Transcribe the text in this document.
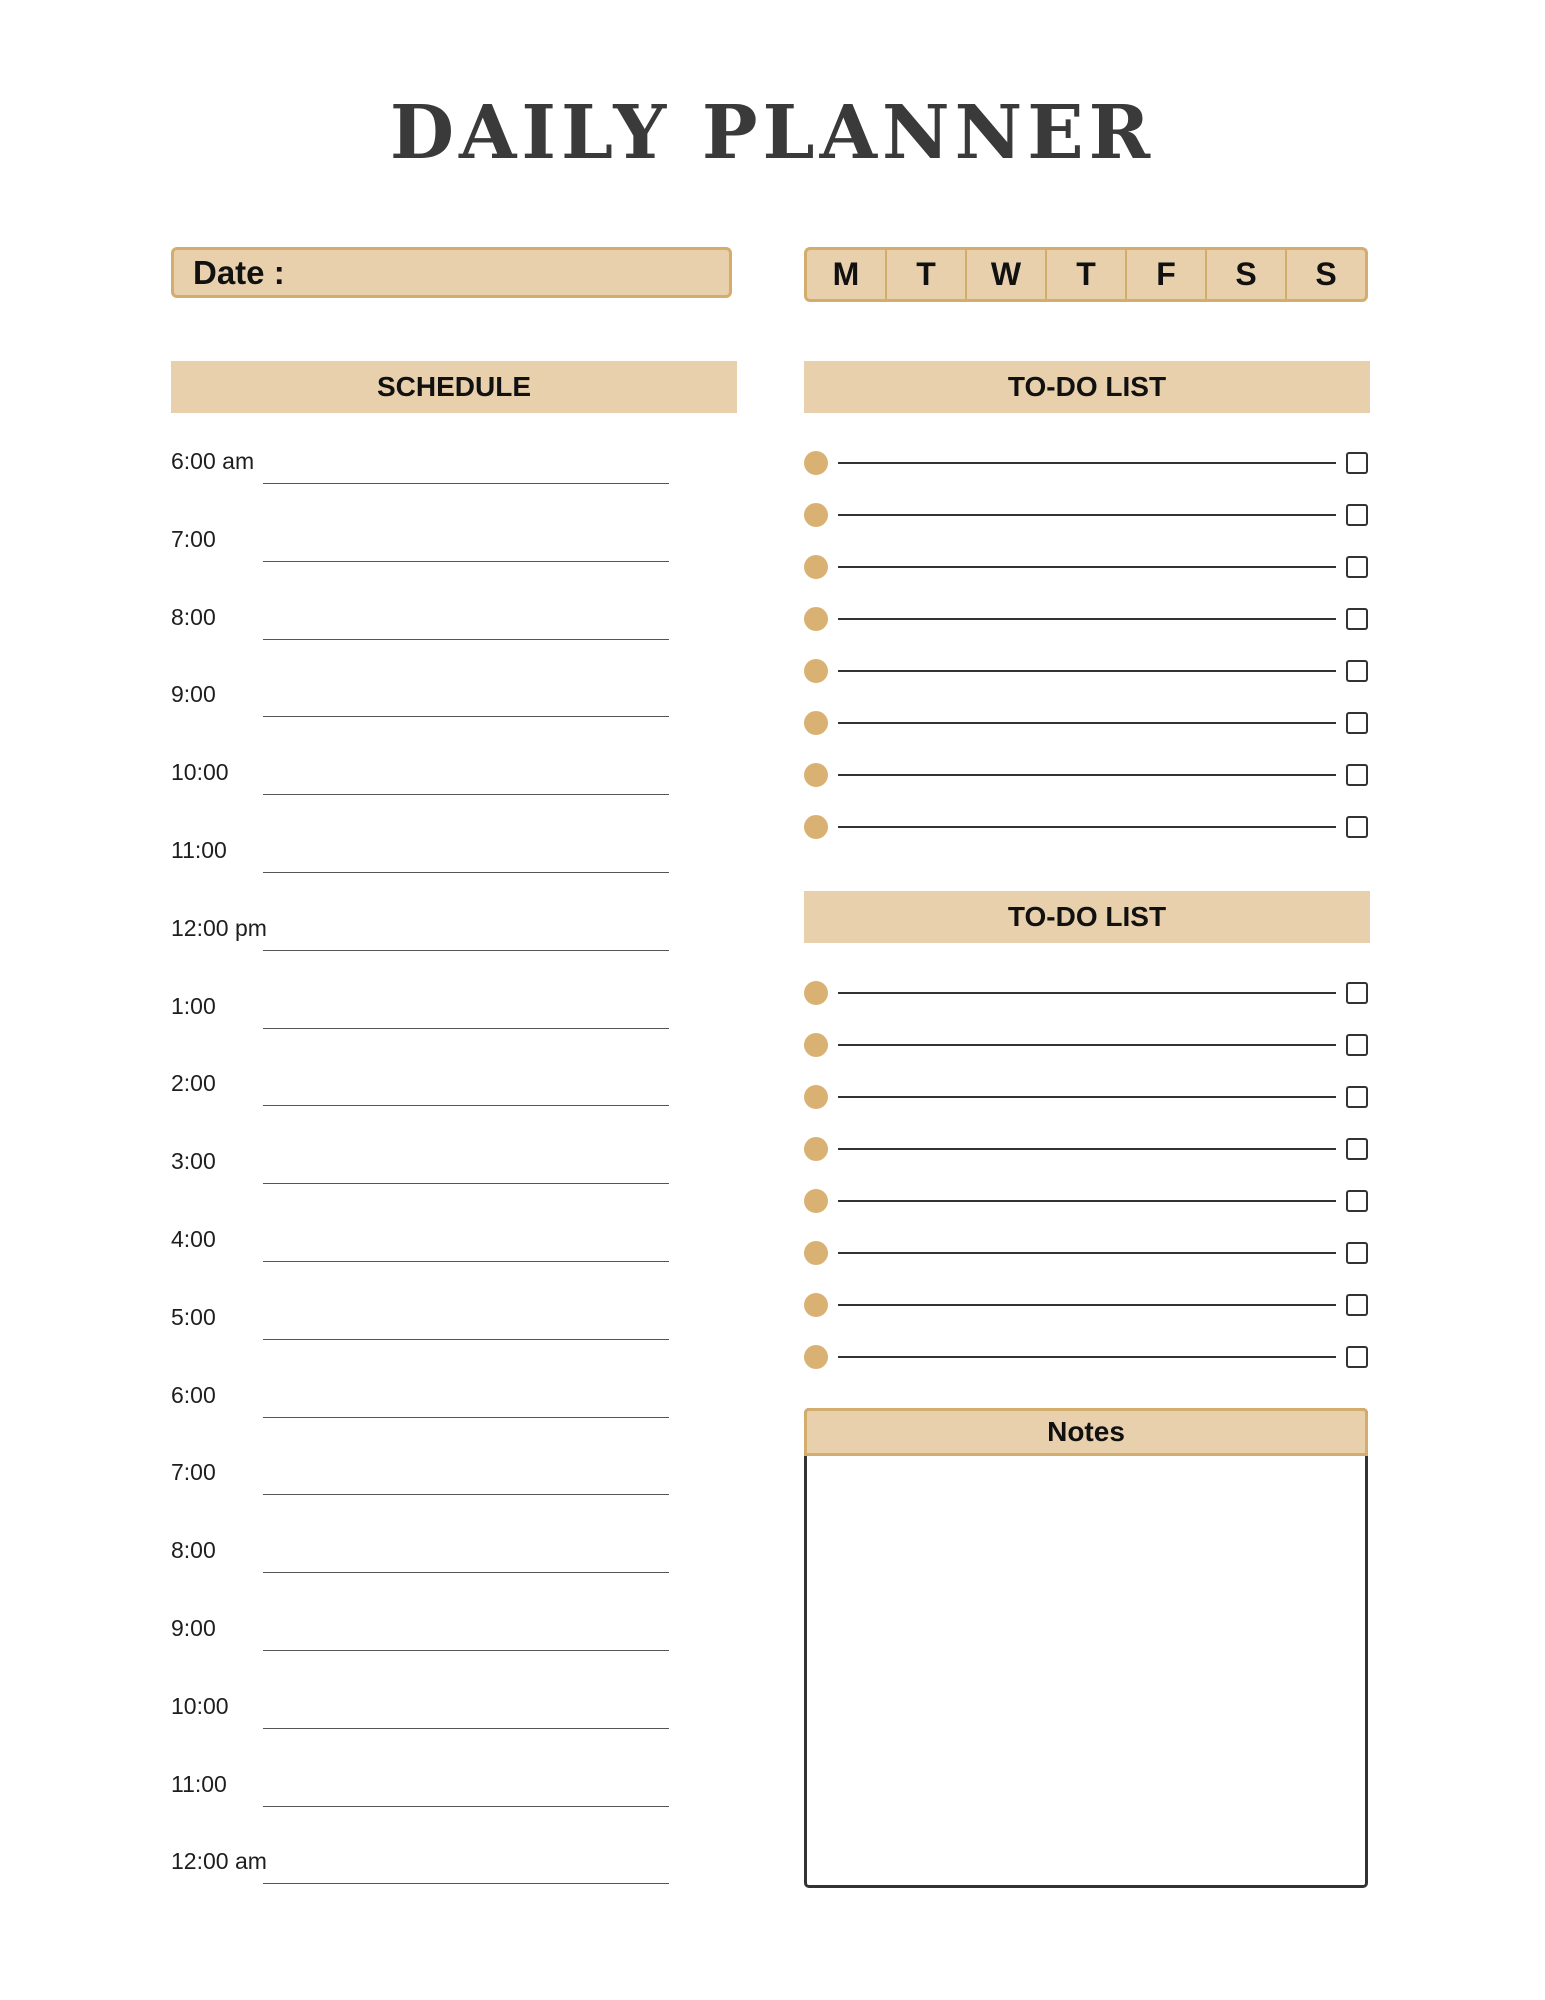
DAILY PLANNER
Date :	M	T	W	T	F	S	S
SCHEDULE
6:00 am
7:00
8:00
9:00
10:00
11:00
12:00 pm
1:00
2:00
3:00
4:00
5:00
6:00
7:00
8:00
9:00
10:00
11:00
12:00 am
TO-DO LIST
TO-DO LIST
Notes
